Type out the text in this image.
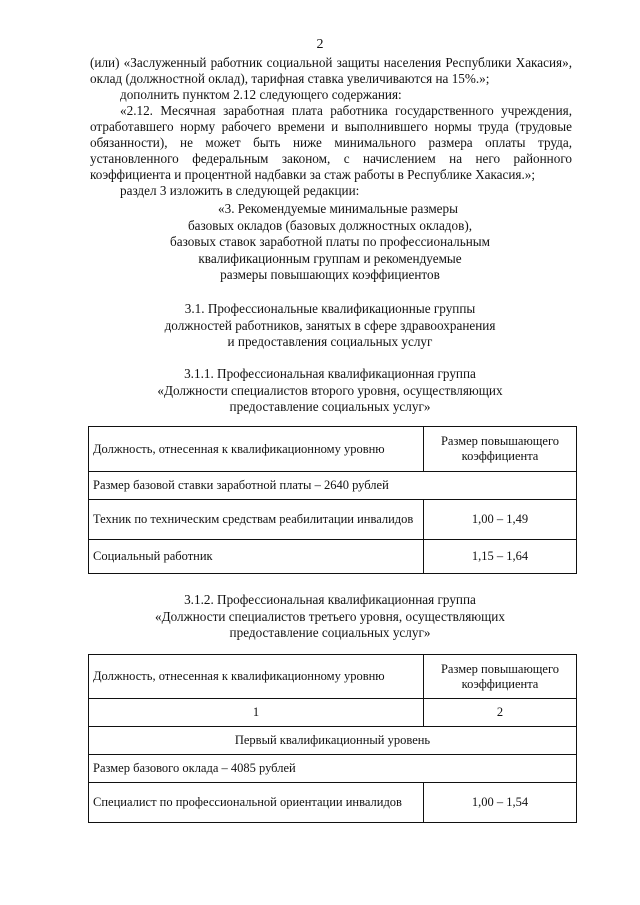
2
(или) «Заслуженный работник социальной защиты населения Республики Хакасия», оклад (должностной оклад), тарифная ставка увеличиваются на 15%.»;
дополнить пунктом 2.12 следующего содержания:
«2.12. Месячная заработная плата работника государственного учреждения, отработавшего норму рабочего времени и выполнившего нормы труда (трудовые обязанности), не может быть ниже минимального размера оплаты труда, установленного федеральным законом, с начислением на него районного коэффициента и процентной надбавки за стаж работы в Республике Хакасия.»;
раздел 3 изложить в следующей редакции:
«3. Рекомендуемые минимальные размеры
базовых окладов (базовых должностных окладов),
базовых ставок заработной платы по профессиональным
квалификационным группам и рекомендуемые
размеры повышающих коэффициентов
3.1. Профессиональные квалификационные группы
должностей работников, занятых в сфере здравоохранения
и предоставления социальных услуг
3.1.1. Профессиональная квалификационная группа
«Должности специалистов второго уровня, осуществляющих
предоставление социальных услуг»
Должность, отнесенная к квалификационному уровню	Размер повышающего коэффициента
Размер базовой ставки заработной платы – 2640 рублей	
Техник по техническим средствам реабилитации инвалидов	1,00 – 1,49
Социальный работник	1,15 – 1,64
3.1.2. Профессиональная квалификационная группа
«Должности специалистов третьего уровня, осуществляющих
предоставление социальных услуг»
Должность, отнесенная к квалификационному уровню	Размер повышающего коэффициента
1	2
Первый квалификационный уровень	
Размер базового оклада – 4085 рублей	
Специалист по профессиональной ориентации инвалидов	1,00 – 1,54
